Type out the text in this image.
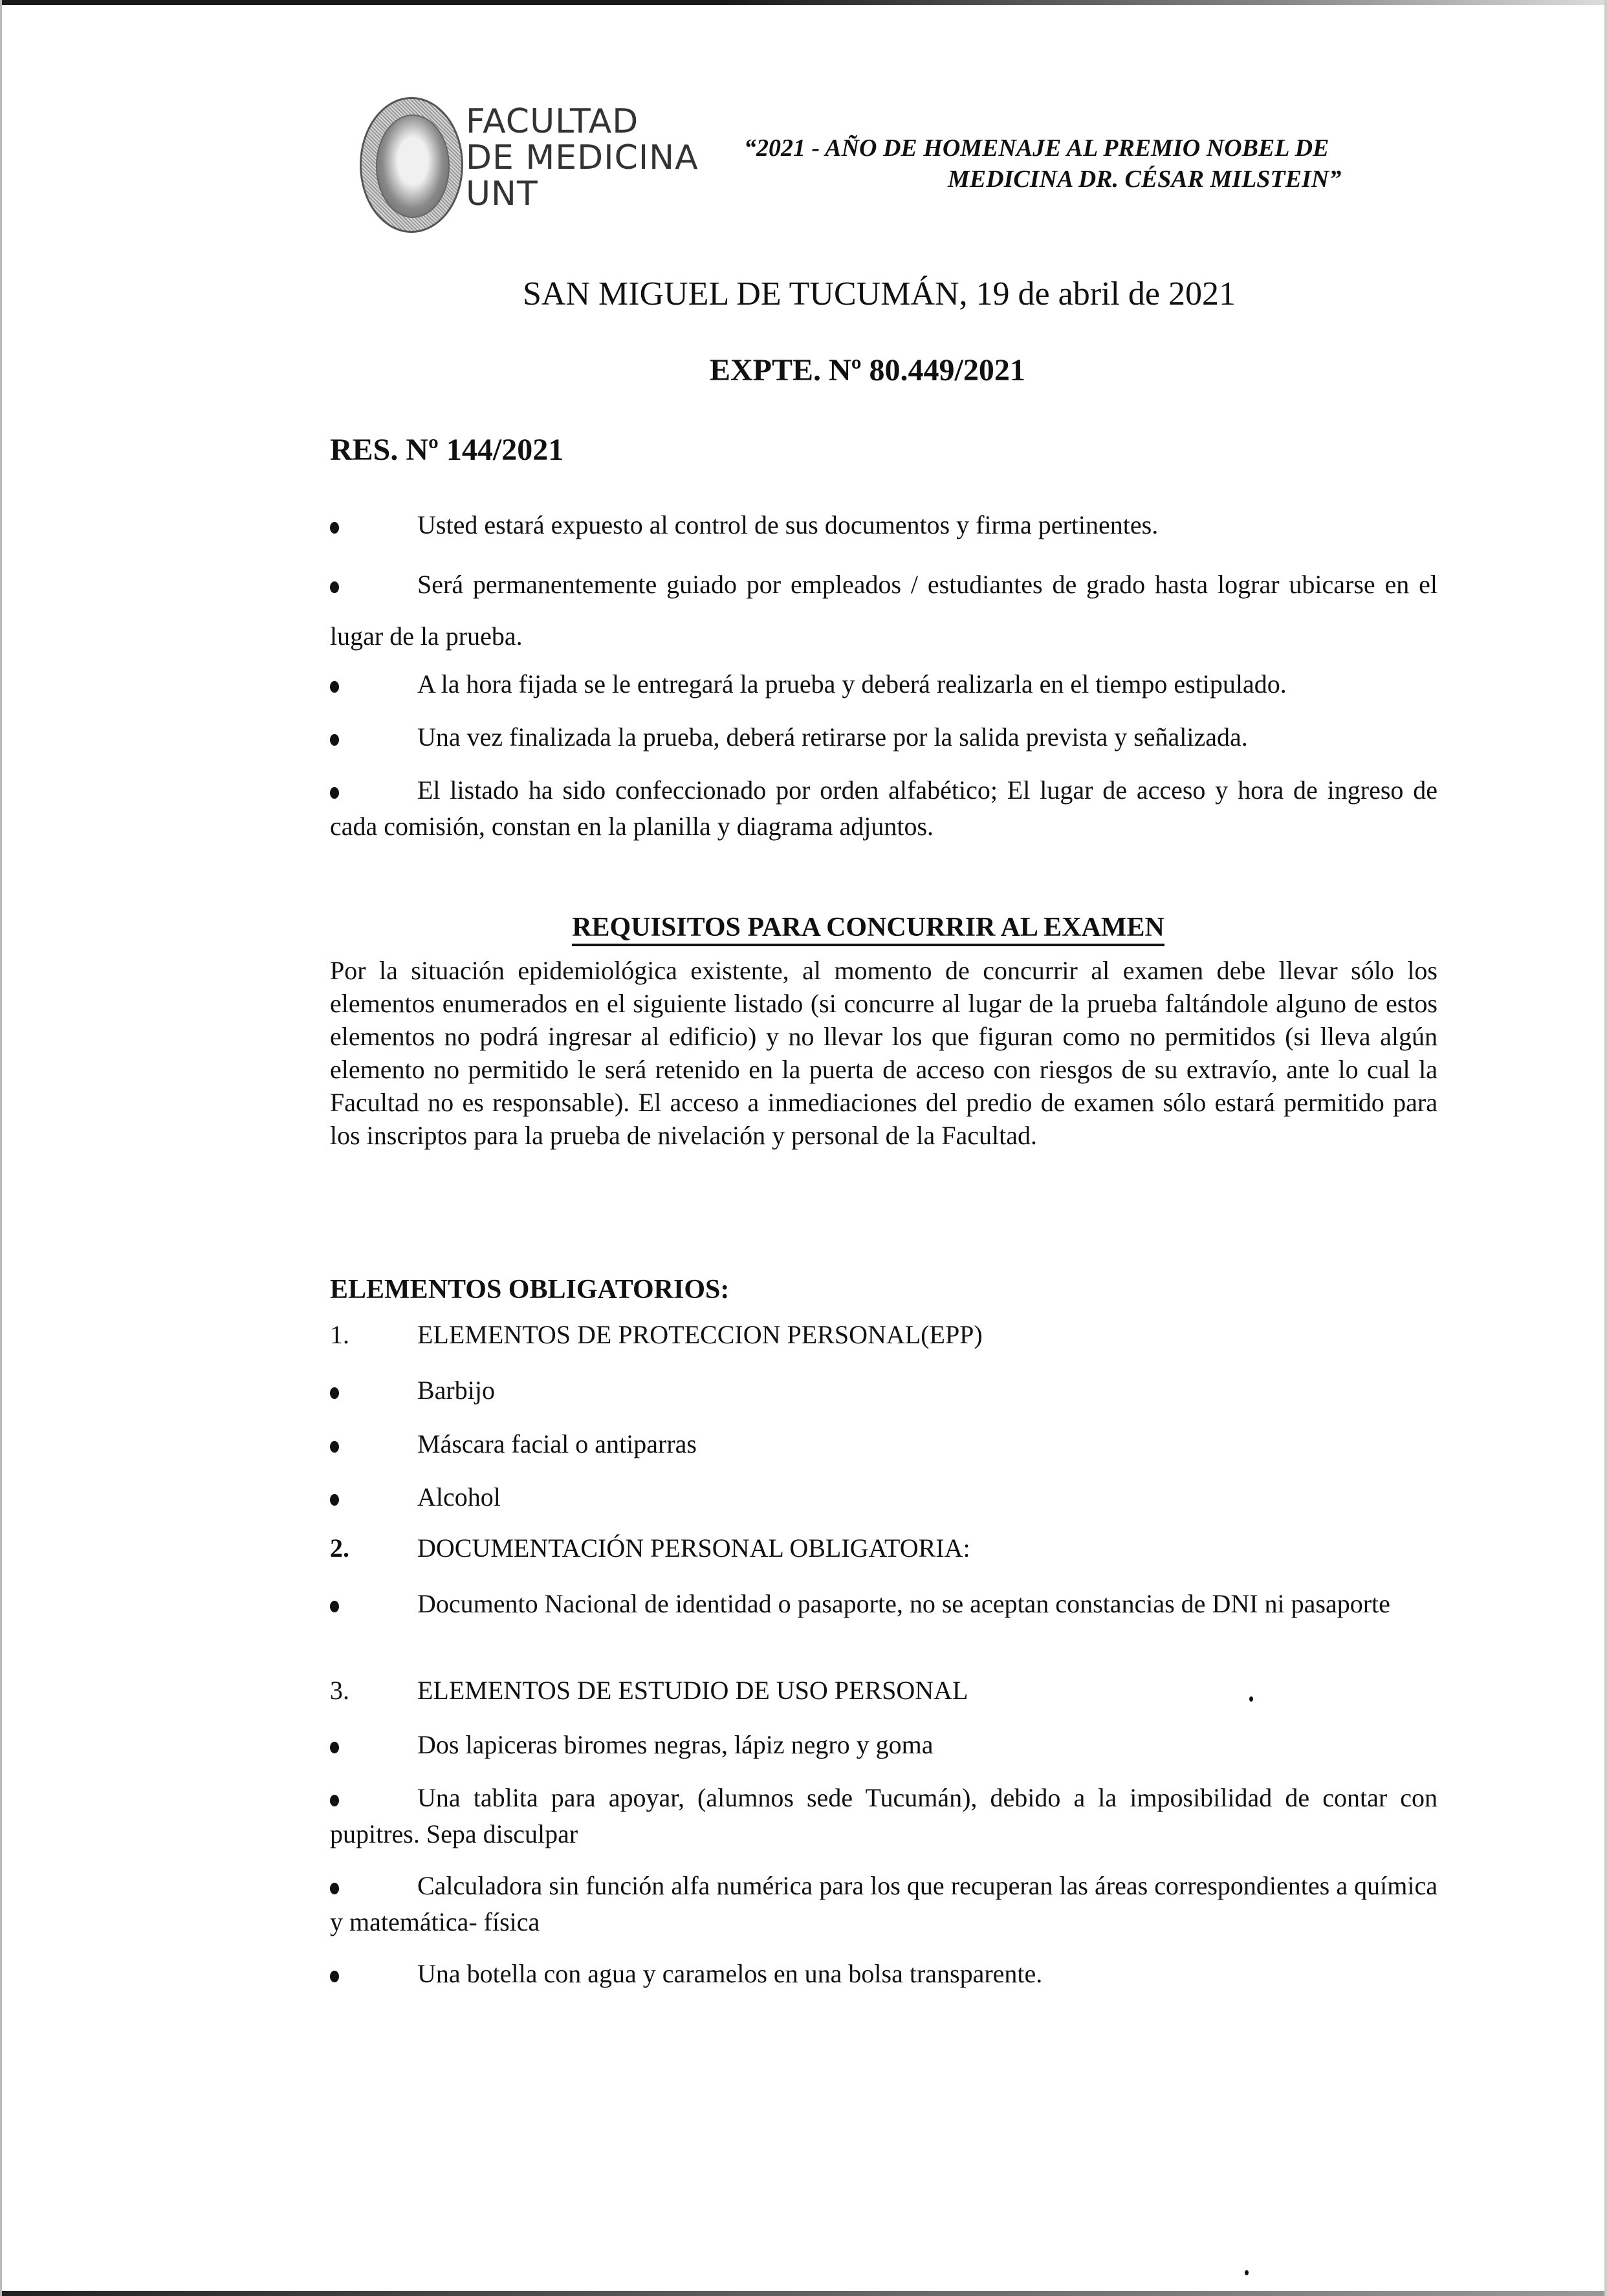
FACULTAD
DE MEDICINA
UNT
“2021 - AÑO DE HOMENAJE AL PREMIO NOBEL DE
MEDICINA DR. CÉSAR MILSTEIN”
SAN MIGUEL DE TUCUMÁN, 19 de abril de 2021
EXPTE. Nº 80.449/2021
RES. Nº 144/2021
Usted estará expuesto al control de sus documentos y firma pertinentes.
Será permanentemente guiado por empleados / estudiantes de grado hasta lograr ubicarse en el lugar de la prueba.
A la hora fijada se le entregará la prueba y deberá realizarla en el tiempo estipulado.
Una vez finalizada la prueba, deberá retirarse por la salida prevista y señalizada.
El listado ha sido confeccionado por orden alfabético; El lugar de acceso y hora de ingreso de cada comisión, constan en la planilla y diagrama adjuntos.
REQUISITOS PARA CONCURRIR AL EXAMEN
Por la situación epidemiológica existente, al momento de concurrir al examen debe llevar sólo los elementos enumerados en el siguiente listado (si concurre al lugar de la prueba faltándole alguno de estos elementos no podrá ingresar al edificio) y no llevar los que figuran como no permitidos (si lleva algún elemento no permitido le será retenido en la puerta de acceso con riesgos de su extravío, ante lo cual la Facultad no es responsable). El acceso a inmediaciones del predio de examen sólo estará permitido para los inscriptos para la prueba de nivelación y personal de la Facultad.
ELEMENTOS OBLIGATORIOS:
1.	ELEMENTOS DE PROTECCION PERSONAL(EPP)
Barbijo
Máscara facial o antiparras
Alcohol
2.	DOCUMENTACIÓN PERSONAL OBLIGATORIA:
Documento Nacional de identidad o pasaporte, no se aceptan constancias de DNI ni pasaporte
3.	ELEMENTOS DE ESTUDIO DE USO PERSONAL
Dos lapiceras biromes negras, lápiz negro y goma
Una tablita para apoyar, (alumnos sede Tucumán), debido a la imposibilidad de contar con pupitres. Sepa disculpar
Calculadora sin función alfa numérica para los que recuperan las áreas correspondientes a química y matemática- física
Una botella con agua y caramelos en una bolsa transparente.
